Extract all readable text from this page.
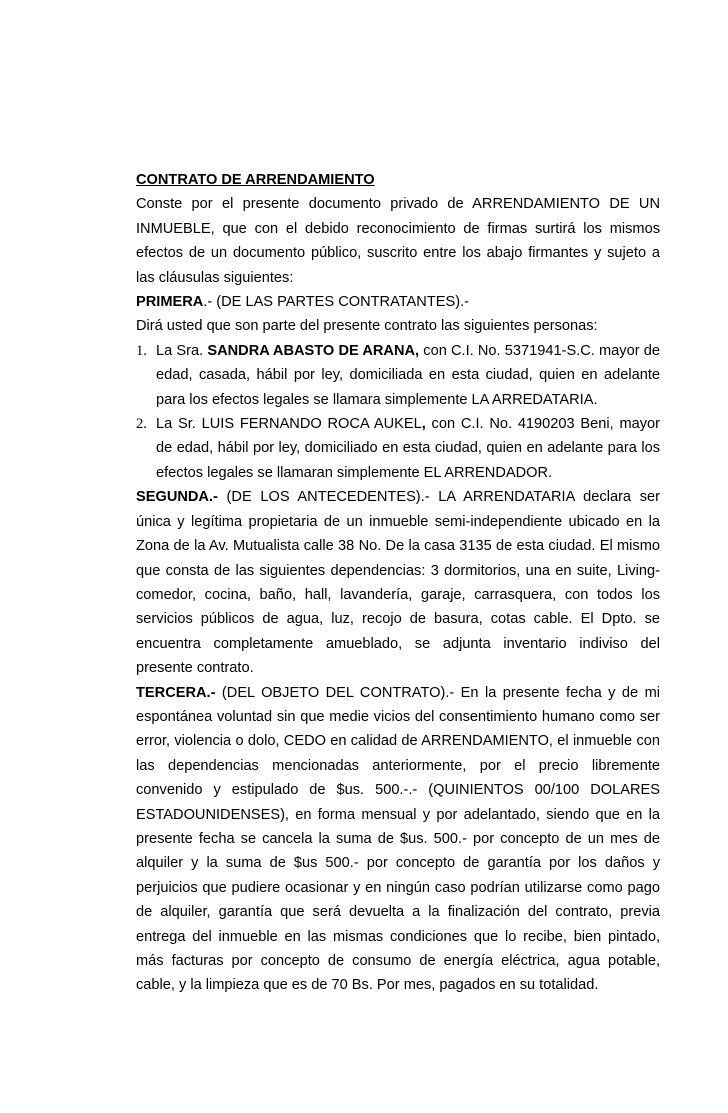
CONTRATO DE ARRENDAMIENTO

Conste por el presente documento privado de ARRENDAMIENTO DE UN INMUEBLE, que con el debido reconocimiento de firmas surtirá los mismos efectos de un documento público, suscrito entre los abajo firmantes y sujeto a las cláusulas siguientes:

PRIMERA.- (DE LAS PARTES CONTRATANTES).-

Dirá usted que son parte del presente contrato las siguientes personas:

1. La Sra. SANDRA ABASTO DE ARANA, con C.I. No. 5371941-S.C. mayor de edad, casada, hábil por ley, domiciliada en esta ciudad, quien en adelante para los efectos legales se llamara simplemente LA ARREDATARIA.

2. La Sr. LUIS FERNANDO ROCA AUKEL, con C.I. No. 4190203 Beni, mayor de edad, hábil por ley, domiciliado en esta ciudad, quien en adelante para los efectos legales se llamaran simplemente EL ARRENDADOR.

SEGUNDA.- (DE LOS ANTECEDENTES).- LA ARRENDATARIA declara ser única y legítima propietaria de un inmueble semi-independiente ubicado en la Zona de la Av. Mutualista calle 38 No. De la casa 3135 de esta ciudad. El mismo que consta de las siguientes dependencias: 3 dormitorios, una en suite, Living-comedor, cocina, baño, hall, lavandería, garaje, carrasquera, con todos los servicios públicos de agua, luz, recojo de basura, cotas cable. El Dpto. se encuentra completamente amueblado, se adjunta inventario indiviso del presente contrato.

TERCERA.- (DEL OBJETO DEL CONTRATO).- En la presente fecha y de mi espontánea voluntad sin que medie vicios del consentimiento humano como ser error, violencia o dolo, CEDO en calidad de ARRENDAMIENTO, el inmueble con las dependencias mencionadas anteriormente, por el precio libremente convenido y estipulado de $us. 500.-.- (QUINIENTOS 00/100 DOLARES ESTADOUNIDENSES), en forma mensual y por adelantado, siendo que en la presente fecha se cancela la suma de $us. 500.- por concepto de un mes de alquiler y la suma de $us 500.- por concepto de garantía por los daños y perjuicios que pudiere ocasionar y en ningún caso podrían utilizarse como pago de alquiler, garantía que será devuelta a la finalización del contrato, previa entrega del inmueble en las mismas condiciones que lo recibe, bien pintado, más facturas por concepto de consumo de energía eléctrica, agua potable, cable, y la limpieza que es de 70 Bs. Por mes, pagados en su totalidad.
